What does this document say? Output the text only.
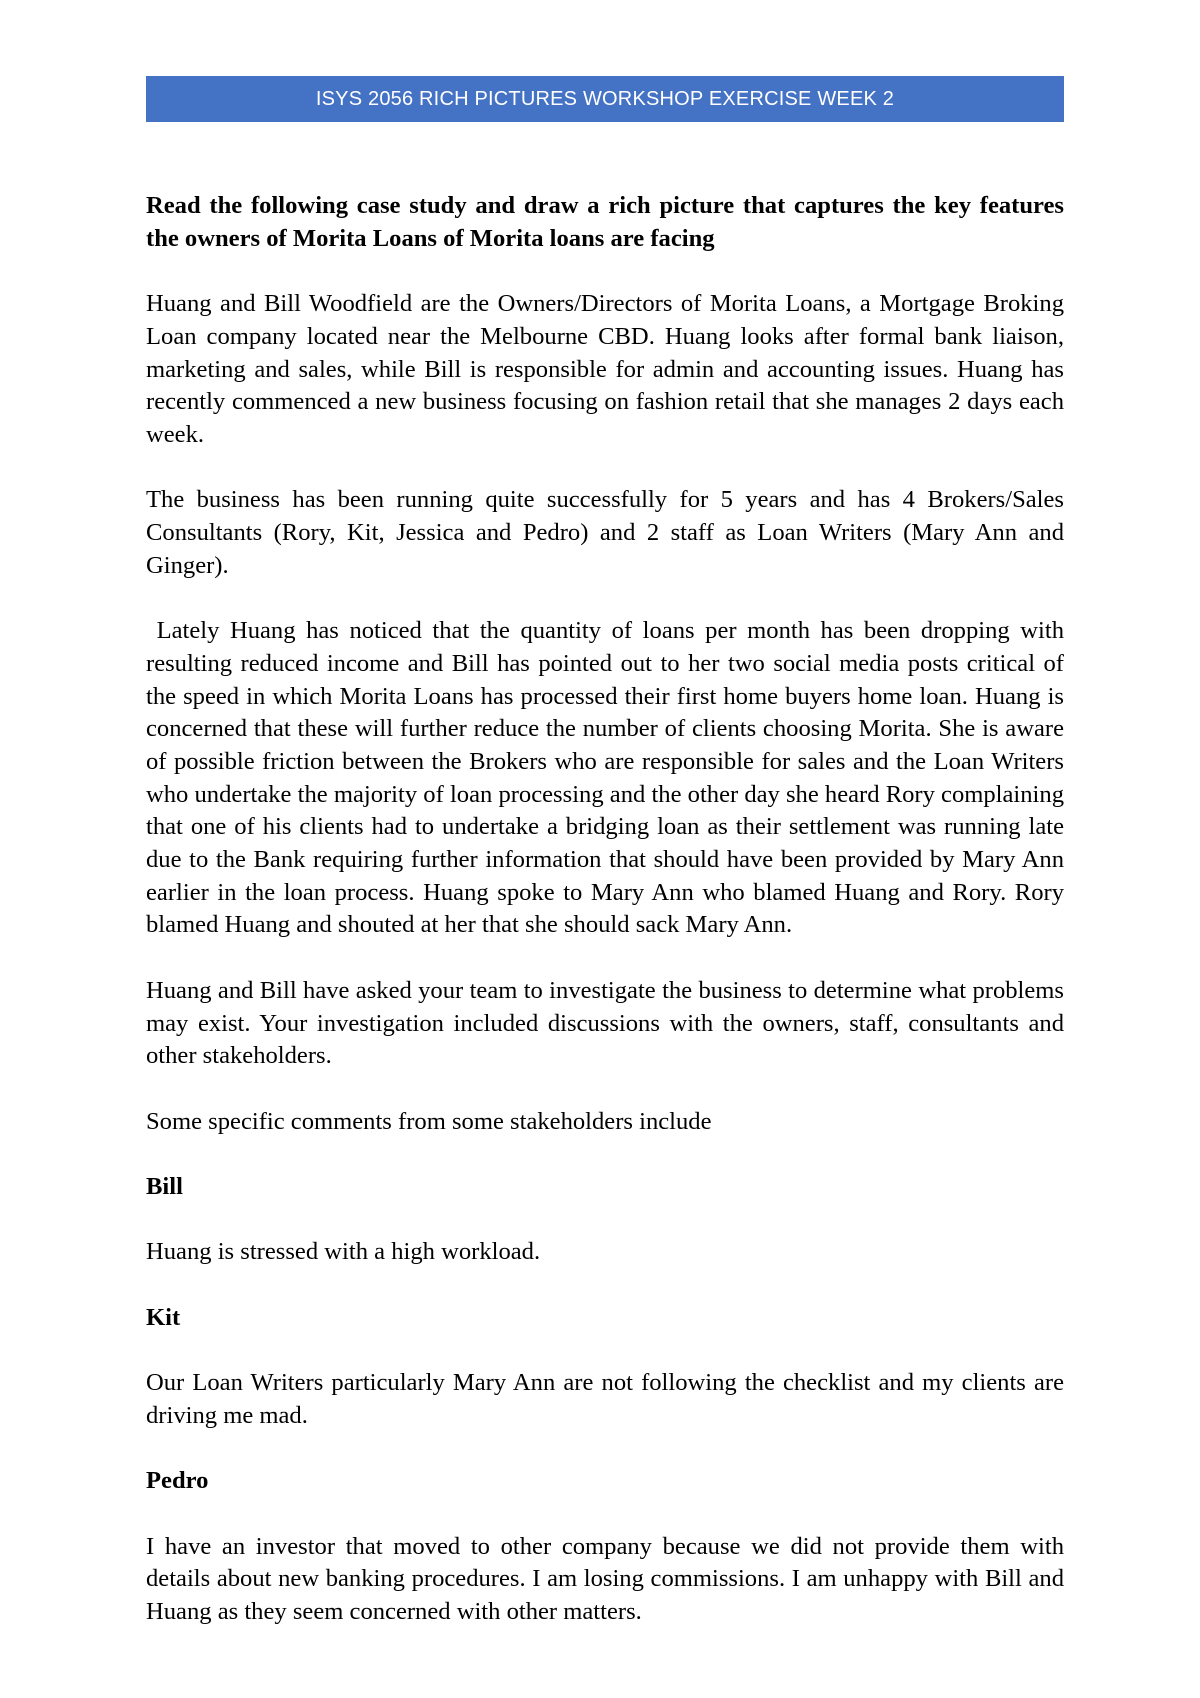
ISYS 2056 RICH PICTURES WORKSHOP EXERCISE WEEK 2

Read the following case study and draw a rich picture that captures the key features the owners of Morita Loans of Morita loans are facing

Huang and Bill Woodfield are the Owners/Directors of Morita Loans, a Mortgage Broking Loan company located near the Melbourne CBD. Huang looks after formal bank liaison, marketing and sales, while Bill is responsible for admin and accounting issues. Huang has recently commenced a new business focusing on fashion retail that she manages 2 days each week.

The business has been running quite successfully for 5 years and has 4 Brokers/Sales Consultants (Rory, Kit, Jessica and Pedro) and 2 staff as Loan Writers (Mary Ann and Ginger).

Lately Huang has noticed that the quantity of loans per month has been dropping with resulting reduced income and Bill has pointed out to her two social media posts critical of the speed in which Morita Loans has processed their first home buyers home loan. Huang is concerned that these will further reduce the number of clients choosing Morita. She is aware of possible friction between the Brokers who are responsible for sales and the Loan Writers who undertake the majority of loan processing and the other day she heard Rory complaining that one of his clients had to undertake a bridging loan as their settlement was running late due to the Bank requiring further information that should have been provided by Mary Ann earlier in the loan process. Huang spoke to Mary Ann who blamed Huang and Rory. Rory blamed Huang and shouted at her that she should sack Mary Ann.

Huang and Bill have asked your team to investigate the business to determine what problems may exist. Your investigation included discussions with the owners, staff, consultants and other stakeholders.

Some specific comments from some stakeholders include

Bill

Huang is stressed with a high workload.

Kit

Our Loan Writers particularly Mary Ann are not following the checklist and my clients are driving me mad.

Pedro

I have an investor that moved to other company because we did not provide them with details about new banking procedures. I am losing commissions. I am unhappy with Bill and Huang as they seem concerned with other matters.
